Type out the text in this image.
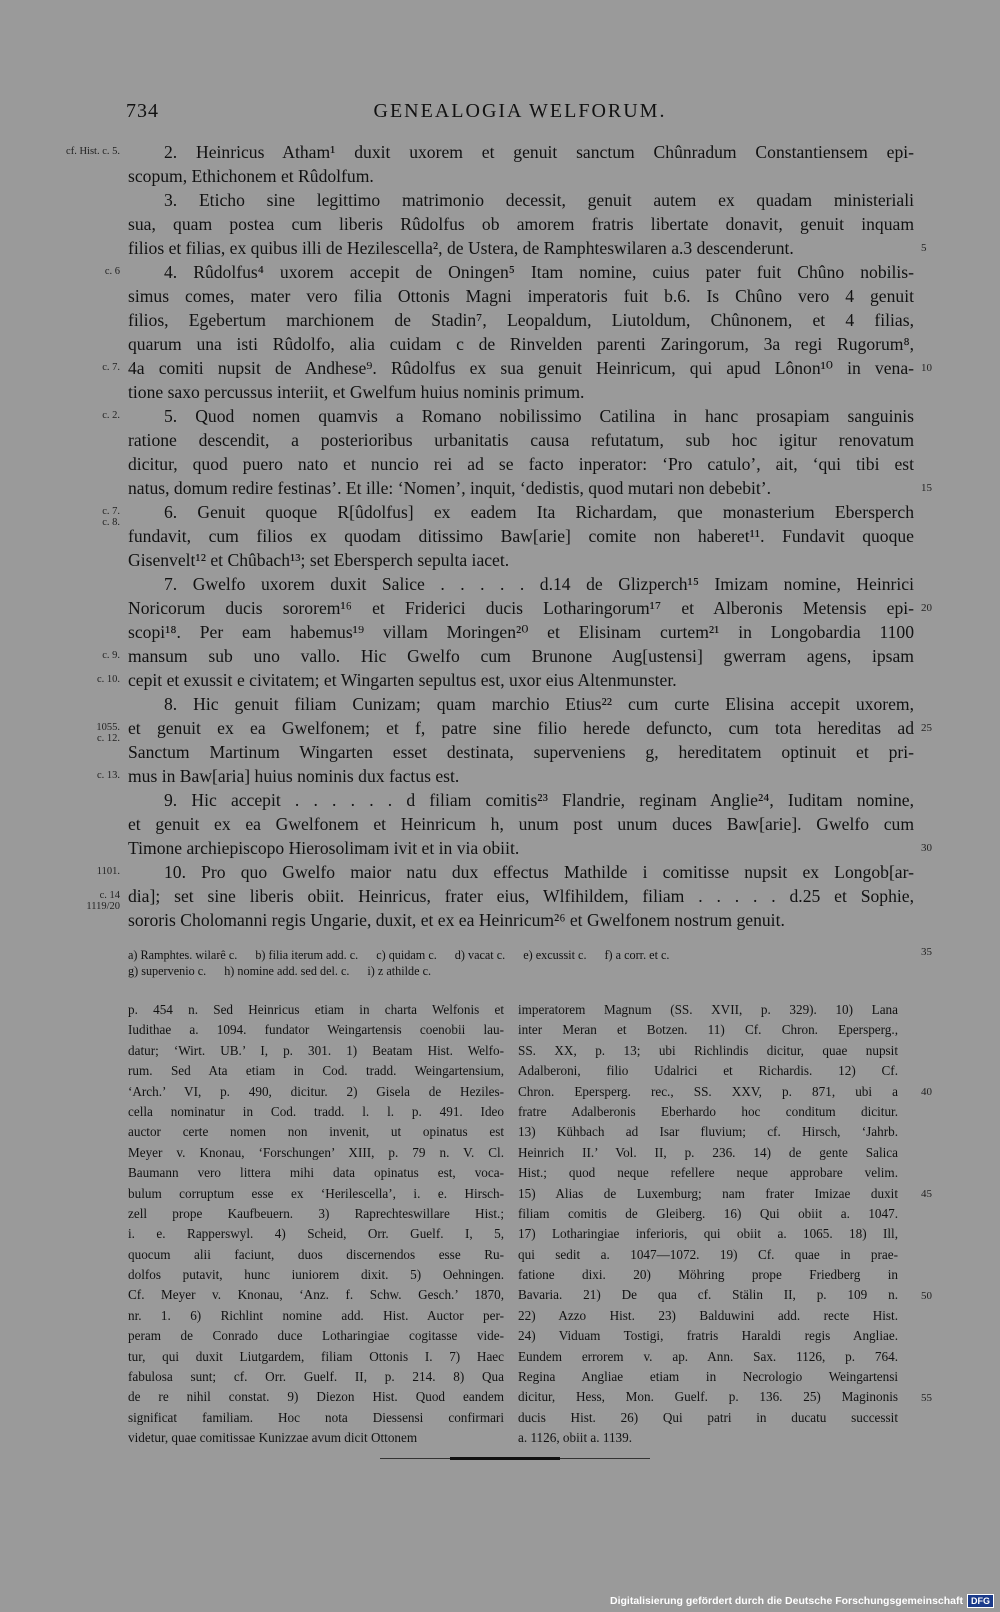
734	GENEALOGIA WELFORUM.
2. Heinricus Atham¹ duxit uxorem et genuit sanctum Chûnradum Constantiensem epi-
scopum, Ethichonem et Rûdolfum.
3. Eticho sine legittimo matrimonio decessit, genuit autem ex quadam ministeriali
sua, quam postea cum liberis Rûdolfus ob amorem fratris libertate donavit, genuit inquam
filios et filias, ex quibus illi de Hezilescella², de Ustera, de Ramphteswilaren a.3 descenderunt.
4. Rûdolfus⁴ uxorem accepit de Oningen⁵ Itam nomine, cuius pater fuit Chûno nobilis-
simus comes, mater vero filia Ottonis Magni imperatoris fuit b.6. Is Chûno vero 4 genuit
filios, Egebertum marchionem de Stadin⁷, Leopaldum, Liutoldum, Chûnonem, et 4 filias,
quarum una isti Rûdolfo, alia cuidam c de Rinvelden parenti Zaringorum, 3a regi Rugorum⁸,
4a comiti nupsit de Andhese⁹. Rûdolfus ex sua genuit Heinricum, qui apud Lônon¹⁰ in vena-
tione saxo percussus interiit, et Gwelfum huius nominis primum.
5. Quod nomen quamvis a Romano nobilissimo Catilina in hanc prosapiam sanguinis
ratione descendit, a posterioribus urbanitatis causa refutatum, sub hoc igitur renovatum
dicitur, quod puero nato et nuncio rei ad se facto inperator: ‘Pro catulo’, ait, ‘qui tibi est
natus, domum redire festinas’. Et ille: ‘Nomen’, inquit, ‘dedistis, quod mutari non debebit’.
6. Genuit quoque R[ûdolfus] ex eadem Ita Richardam, que monasterium Ebersperch
fundavit, cum filios ex quodam ditissimo Baw[arie] comite non haberet¹¹. Fundavit quoque
Gisenvelt¹² et Chûbach¹³; set Ebersperch sepulta iacet.
7. Gwelfo uxorem duxit Salice . . . . . d.14 de Glizperch¹⁵ Imizam nomine, Heinrici
Noricorum ducis sororem¹⁶ et Friderici ducis Lotharingorum¹⁷ et Alberonis Metensis epi-
scopi¹⁸. Per eam habemus¹⁹ villam Moringen²⁰ et Elisinam curtem²¹ in Longobardia 1100
mansum sub uno vallo. Hic Gwelfo cum Brunone Aug[ustensi] gwerram agens, ipsam
cepit et exussit e civitatem; et Wingarten sepultus est, uxor eius Altenmunster.
8. Hic genuit filiam Cunizam; quam marchio Etius²² cum curte Elisina accepit uxorem,
et genuit ex ea Gwelfonem; et f, patre sine filio herede defuncto, cum tota hereditas ad
Sanctum Martinum Wingarten esset destinata, superveniens g, hereditatem optinuit et pri-
mus in Baw[aria] huius nominis dux factus est.
9. Hic accepit . . . . . . d filiam comitis²³ Flandrie, reginam Anglie²⁴, Iuditam nomine,
et genuit ex ea Gwelfonem et Heinricum h, unum post unum duces Baw[arie]. Gwelfo cum
Timone archiepiscopo Hierosolimam ivit et in via obiit.
10. Pro quo Gwelfo maior natu dux effectus Mathilde i comitisse nupsit ex Longob[ar-
dia]; set sine liberis obiit. Heinricus, frater eius, Wlfihildem, filiam . . . . . d.25 et Sophie,
sororis Cholomanni regis Ungarie, duxit, et ex ea Heinricum²⁶ et Gwelfonem nostrum genuit.
cf. Hist. c. 5.
c. 6
c. 7.
c. 2.
c. 7.
c. 8.
c. 9.
c. 10.
1055.
c. 12.
c. 13.
1101.
c. 14
1119/20
5
10
15
20
25
30
a) Ramphtes. wilarê c. b) filia iterum add. c. c) quidam c. d) vacat c. e) excussit c. f) a corr. et c.
g) supervenio c. h) nomine add. sed del. c. i) z athilde c.
35
p. 454 n. Sed Heinricus etiam in charta Welfonis et
Iudithae a. 1094. fundator Weingartensis coenobii lau-
datur; ‘Wirt. UB.’ I, p. 301. 1) Beatam Hist. Welfo-
rum. Sed Ata etiam in Cod. tradd. Weingartensium,
‘Arch.’ VI, p. 490, dicitur. 2) Gisela de Heziles-
cella nominatur in Cod. tradd. l. l. p. 491. Ideo
auctor certe nomen non invenit, ut opinatus est
Meyer v. Knonau, ‘Forschungen’ XIII, p. 79 n. V. Cl.
Baumann vero littera mihi data opinatus est, voca-
bulum corruptum esse ex ‘Herilescella’, i. e. Hirsch-
zell prope Kaufbeuern. 3) Raprechteswillare Hist.;
i. e. Rapperswyl. 4) Scheid, Orr. Guelf. I, 5,
quocum alii faciunt, duos discernendos esse Ru-
dolfos putavit, hunc iuniorem dixit. 5) Oehningen.
Cf. Meyer v. Knonau, ‘Anz. f. Schw. Gesch.’ 1870,
nr. 1. 6) Richlint nomine add. Hist. Auctor per-
peram de Conrado duce Lotharingiae cogitasse vide-
tur, qui duxit Liutgardem, filiam Ottonis I. 7) Haec
fabulosa sunt; cf. Orr. Guelf. II, p. 214. 8) Qua
de re nihil constat. 9) Diezon Hist. Quod eandem
significat familiam. Hoc nota Diessensi confirmari
videtur, quae comitissae Kunizzae avum dicit Ottonem
imperatorem Magnum (SS. XVII, p. 329). 10) Lana
inter Meran et Botzen. 11) Cf. Chron. Epersperg.,
SS. XX, p. 13; ubi Richlindis dicitur, quae nupsit
Adalberoni, filio Udalrici et Richardis. 12) Cf.
Chron. Epersperg. rec., SS. XXV, p. 871, ubi a
fratre Adalberonis Eberhardo hoc conditum dicitur.
13) Kühbach ad Isar fluvium; cf. Hirsch, ‘Jahrb.
Heinrich II.’ Vol. II, p. 236. 14) de gente Salica
Hist.; quod neque refellere neque approbare velim.
15) Alias de Luxemburg; nam frater Imizae duxit
filiam comitis de Gleiberg. 16) Qui obiit a. 1047.
17) Lotharingiae inferioris, qui obiit a. 1065. 18) Ill,
qui sedit a. 1047—1072. 19) Cf. quae in prae-
fatione dixi. 20) Möhring prope Friedberg in
Bavaria. 21) De qua cf. Stälin II, p. 109 n.
22) Azzo Hist. 23) Balduwini add. recte Hist.
24) Viduam Tostigi, fratris Haraldi regis Angliae.
Eundem errorem v. ap. Ann. Sax. 1126, p. 764.
Regina Angliae etiam in Necrologio Weingartensi
dicitur, Hess, Mon. Guelf. p. 136. 25) Maginonis
ducis Hist. 26) Qui patri in ducatu successit
a. 1126, obiit a. 1139.
40
45
50
55
Digitalisierung gefördert durch die Deutsche Forschungsgemeinschaft DFG
